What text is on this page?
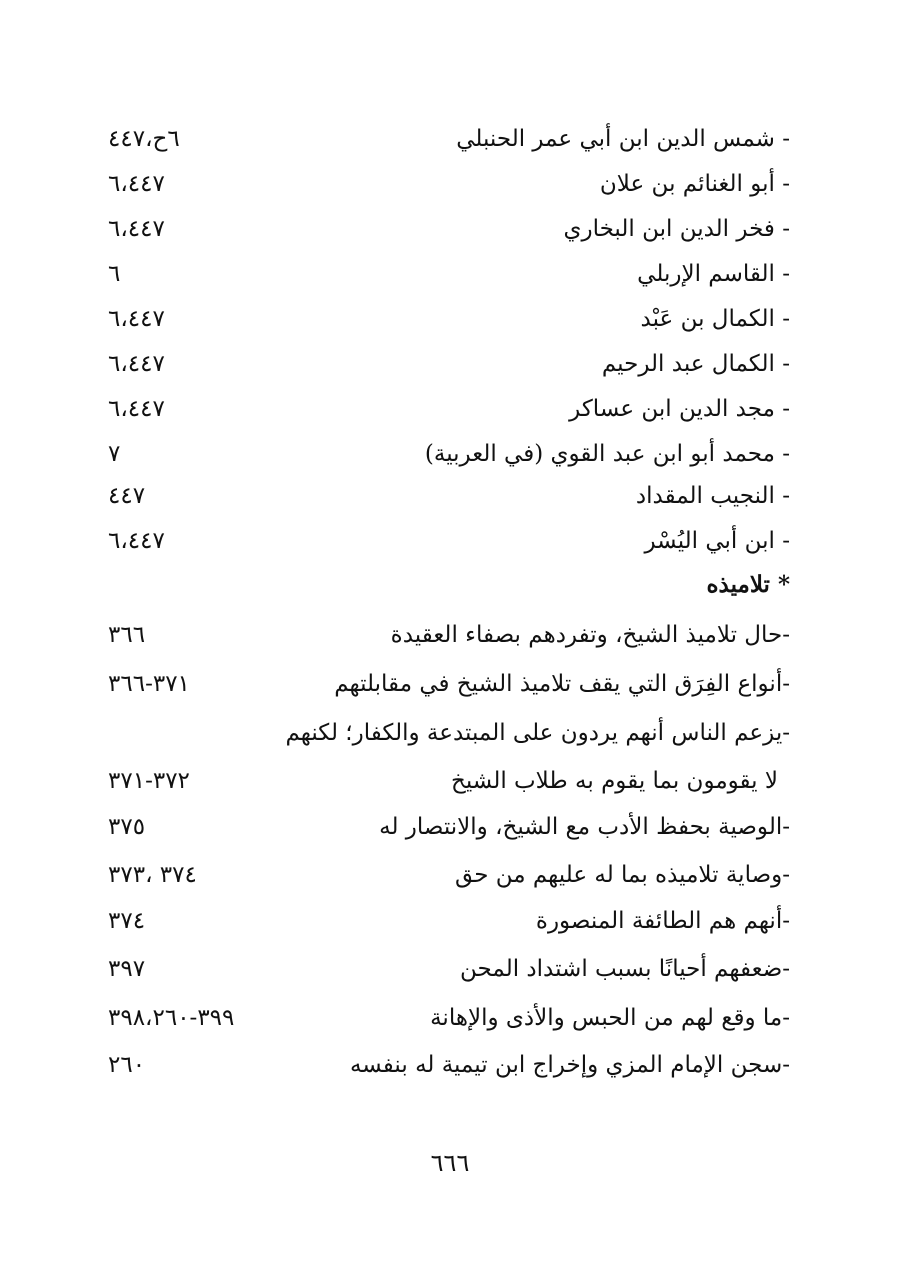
- شمس الدين ابن أبي عمر الحنبلي
٦ح،٤٤٧
- أبو الغنائم بن علان
٦،٤٤٧
- فخر الدين ابن البخاري
٦،٤٤٧
- القاسم الإربلي
٦
- الكمال بن عَبْد
٦،٤٤٧
- الكمال عبد الرحيم
٦،٤٤٧
- مجد الدين ابن عساكر
٦،٤٤٧
- محمد أبو ابن عبد القوي (في العربية)
٧
- النجيب المقداد
٤٤٧
- ابن أبي اليُسْر
٦،٤٤٧
* تلاميذه
-حال تلاميذ الشيخ، وتفردهم بصفاء العقيدة
٣٦٦
-أنواع الفِرَق التي يقف تلاميذ الشيخ في مقابلتهم
٣٧١-٣٦٦
-يزعم الناس أنهم يردون على المبتدعة والكفار؛ لكنهم
لا يقومون بما يقوم به طلاب الشيخ
٣٧٢-٣٧١
-الوصية بحفظ الأدب مع الشيخ، والانتصار له
٣٧٥
-وصاية تلاميذه بما له عليهم من حق
٣٧٤ ،٣٧٣
-أنهم هم الطائفة المنصورة
٣٧٤
-ضعفهم أحيانًا بسبب اشتداد المحن
٣٩٧
-ما وقع لهم من الحبس والأذى والإهانة
٣٩٩-٣٩٨،٢٦٠
-سجن الإمام المزي وإخراج ابن تيمية له بنفسه
٢٦٠
٦٦٦
